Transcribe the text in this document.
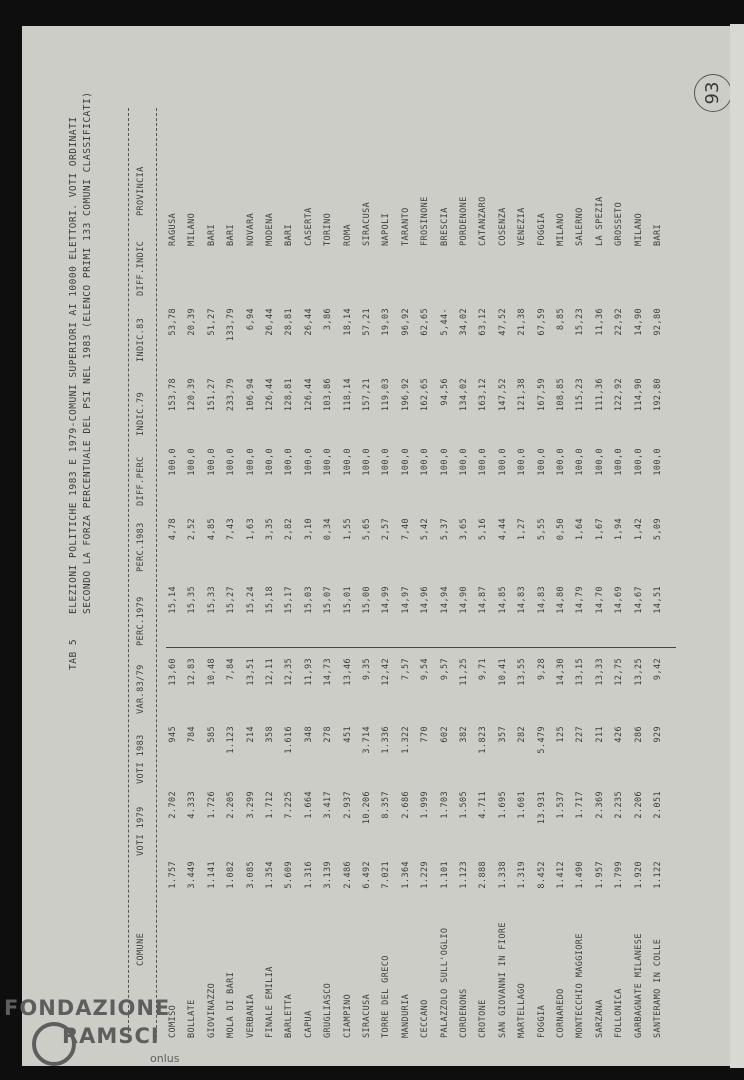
TAB 5
ELEZIONI POLITICHE 1983 E 1979-COMUNI SUPERIORI AI 10000 ELETTORI. VOTI ORDINATI SECONDO LA FORZA PERCENTUALE DEL PSI NEL 1983 (ELENCO PRIMI 133 COMUNI CLASSIFICATI)
COMUNE
VOTI 1979
VOTI 1983
VAR.83/79
PERC.1979
PERC.1983
DIFF.PERC
INDIC.79
INDIC.83
DIFF.INDIC
PROVINCIA
COMISO
1.757
2.702
945
13,60
15,14
4,78
100,0
153,78
53,78
RAGUSA
BOLLATE
3.449
4.333
784
12,83
15,35
2,52
100,0
120,39
20,39
MILANO
GIOVINAZZO
1.141
1.726
585
10,48
15,33
4,85
100,0
151,27
51,27
BARI
MOLA DI BARI
1.082
2.205
1.123
7,84
15,27
7,43
100,0
233,79
133,79
BARI
VERBANIA
3.085
3.299
214
13,51
15,24
1,63
100,0
106,94
6,94
NOVARA
FINALE EMILIA
1.354
1.712
358
12,11
15,18
3,35
100,0
126,44
26,44
MODENA
BARLETTA
5.609
7.225
1.616
12,35
15,17
2,82
100,0
128,81
28,81
BARI
CAPUA
1.316
1.664
348
11,93
15,03
3,10
100,0
126,44
26,44
CASERTA
GRUGLIASCO
3.139
3.417
278
14,73
15,07
0,34
100,0
103,86
3,86
TORINO
CIAMPINO
2.486
2.937
451
13,46
15,01
1,55
100,0
118,14
18,14
ROMA
SIRACUSA
6.492
10.206
3.714
9,35
15,00
5,65
100,0
157,21
57,21
SIRACUSA
TORRE DEL GRECO
7.021
8.357
1.336
12,42
14,99
2,57
100,0
119,03
19,03
NAPOLI
MANDURIA
1.364
2.686
1.322
7,57
14,97
7,40
100,0
196,92
96,92
TARANTO
CECCANO
1.229
1.999
770
9,54
14,96
5,42
100,0
162,65
62,65
FROSINONE
PALAZZOLO SULL'OGLIO
1.101
1.703
602
9,57
14,94
5,37
100,0
94,56
5,44-
BRESCIA
CORDENONS
1.123
1.505
382
11,25
14,90
3,65
100,0
134,02
34,02
PORDENONE
CROTONE
2.888
4.711
1.823
9,71
14,87
5,16
100,0
163,12
63,12
CATANZARO
SAN GIOVANNI IN FIORE
1.338
1.695
357
10,41
14,85
4,44
100,0
147,52
47,52
COSENZA
MARTELLAGO
1.319
1.601
282
13,55
14,83
1,27
100,0
121,38
21,38
VENEZIA
FOGGIA
8.452
13.931
5.479
9,28
14,83
5,55
100,0
167,59
67,59
FOGGIA
CORNAREDO
1.412
1.537
125
14,30
14,80
0,50
100,0
108,85
8,85
MILANO
MONTECCHIO MAGGIORE
1.490
1.717
227
13,15
14,79
1,64
100,0
115,23
15,23
SALERNO
SARZANA
1.957
2.369
211
13,33
14,70
1,67
100,0
111,36
11,36
LA SPEZIA
FOLLONICA
1.799
2.235
426
12,75
14,69
1,94
100,0
122,92
22,92
GROSSETO
GARBAGNATE MILANESE
1.920
2.206
286
13,25
14,67
1,42
100,0
114,90
14,90
MILANO
SANTERAMO IN COLLE
1.122
2.051
929
9,42
14,51
5,09
100,0
192,80
92,80
BARI
93
FONDAZIONE
RAMSCI
onlus
